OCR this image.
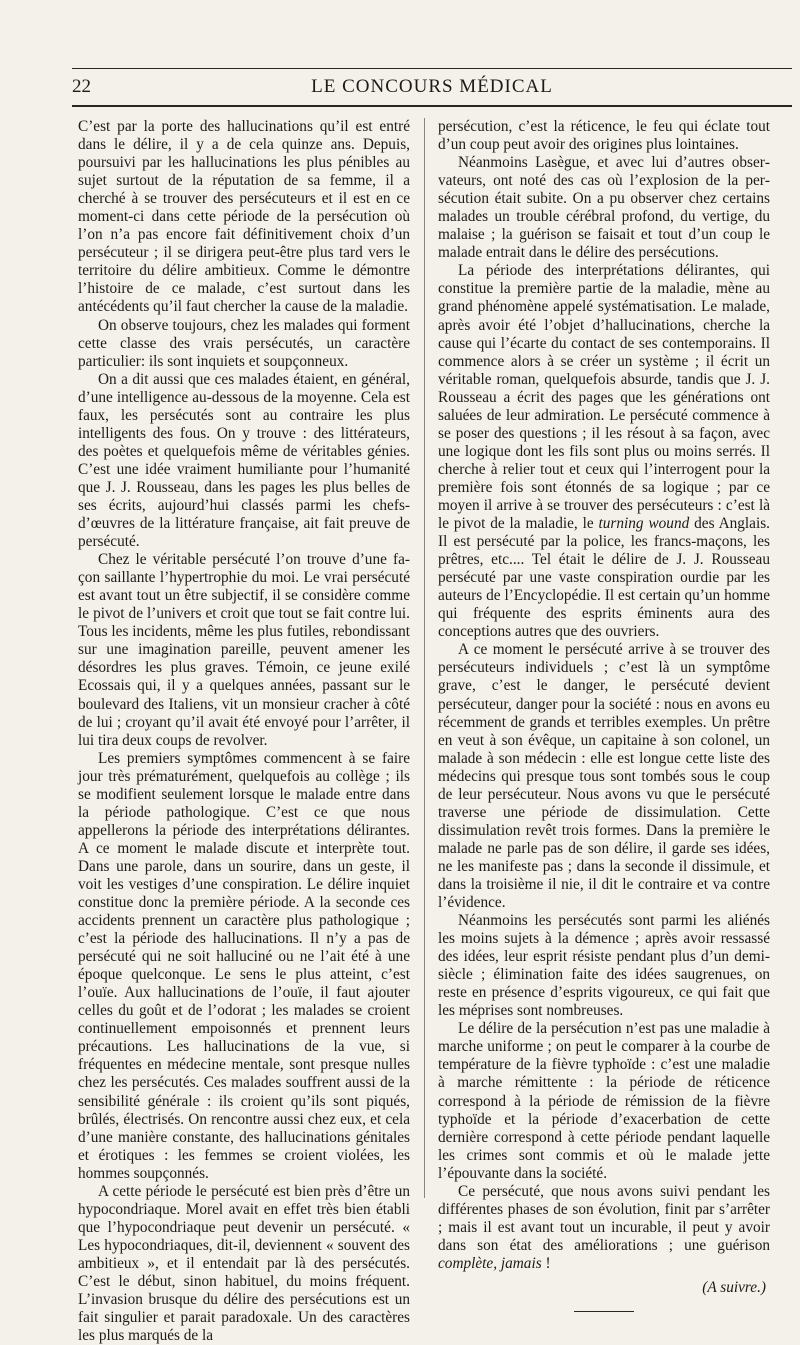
22	LE CONCOURS MÉDICAL

C’est par la porte des hallucinations qu’il est entré dans le délire, il y a de cela quinze ans. Depuis, poursuivi par les hallucinations les plus pénibles au sujet surtout de la réputation de sa femme, il a cherché à se trouver des persécuteurs et il est en ce moment-ci dans cette période de la persécution où l’on n’a pas encore fait définitivement choix d’un persécuteur ; il se dirigera peut-être plus tard vers le territoire du délire ambitieux. Comme le démontre l’histoire de ce malade, c’est surtout dans les antécédents qu’il faut chercher la cause de la maladie.

On observe toujours, chez les malades qui forment cette classe des vrais persécutés, un caractère particulier: ils sont inquiets et soupçonneux.

On a dit aussi que ces malades étaient, en général, d’une intelligence au-dessous de la moyenne. Cela est faux, les persécutés sont au contraire les plus intelligents des fous. On y trouve : des littérateurs, des poètes et quelquefois même de véritables génies. C’est une idée vraiment humiliante pour l’humanité que J. J. Rousseau, dans les pages les plus belles de ses écrits, aujourd’hui classés parmi les chefs-d’œuvres de la littérature française, ait fait preuve de persécuté.

Chez le véritable persécuté l’on trouve d’une façon saillante l’hypertrophie du moi. Le vrai persécuté est avant tout un être subjectif, il se considère comme le pivot de l’univers et croit que tout se fait contre lui. Tous les incidents, même les plus futiles, rebondissant sur une imagination pareille, peuvent amener les désordres les plus graves. Témoin, ce jeune exilé Ecossais qui, il y a quelques années, passant sur le boulevard des Italiens, vit un monsieur cracher à côté de lui ; croyant qu’il avait été envoyé pour l’arrêter, il lui tira deux coups de revolver.

Les premiers symptômes commencent à se faire jour très prématurément, quelquefois au collège ; ils se modifient seulement lorsque le malade entre dans la période pathologique. C’est ce que nous appellerons la période des interprétations délirantes. A ce moment le malade discute et interprète tout. Dans une parole, dans un sourire, dans un geste, il voit les vestiges d’une conspiration. Le délire inquiet constitue donc la première période. A la seconde ces accidents prennent un caractère plus pathologique ; c’est la période des hallucinations. Il n’y a pas de persécuté qui ne soit halluciné ou ne l’ait été à une époque quelconque. Le sens le plus atteint, c’est l’ouïe. Aux hallucinations de l’ouïe, il faut ajouter celles du goût et de l’odorat ; les malades se croient continuellement empoisonnés et prennent leurs précautions. Les hallucinations de la vue, si fréquentes en médecine mentale, sont presque nulles chez les persécutés. Ces malades souffrent aussi de la sensibilité générale : ils croient qu’ils sont piqués, brûlés, électrisés. On rencontre aussi chez eux, et cela d’une manière constante, des hallucinations génitales et érotiques : les femmes se croient violées, les hommes soupçonnés.

A cette période le persécuté est bien près d’être un hypocondriaque. Morel avait en effet très bien établi que l’hypocondriaque peut devenir un persécuté. « Les hypocondriaques, dit-il, deviennent « souvent des ambitieux », et il entendait par là des persécutés. C’est le début, sinon habituel, du moins fréquent. L’invasion brusque du délire des persécutions est un fait singulier et parait paradoxale. Un des caractères les plus marqués de la

persécution, c’est la réticence, le feu qui éclate tout d’un coup peut avoir des origines plus lointaines.

Néanmoins Lasègue, et avec lui d’autres observateurs, ont noté des cas où l’explosion de la persécution était subite. On a pu observer chez certains malades un trouble cérébral profond, du vertige, du malaise ; la guérison se faisait et tout d’un coup le malade entrait dans le délire des persécutions.

La période des interprétations délirantes, qui constitue la première partie de la maladie, mène au grand phénomène appelé systématisation. Le malade, après avoir été l’objet d’hallucinations, cherche la cause qui l’écarte du contact de ses contemporains. Il commence alors à se créer un système ; il écrit un véritable roman, quelquefois absurde, tandis que J. J. Rousseau a écrit des pages que les générations ont saluées de leur admiration. Le persécuté commence à se poser des questions ; il les résout à sa façon, avec une logique dont les fils sont plus ou moins serrés. Il cherche à relier tout et ceux qui l’interrogent pour la première fois sont étonnés de sa logique ; par ce moyen il arrive à se trouver des persécuteurs : c’est là le pivot de la maladie, le turning wound des Anglais. Il est persécuté par la police, les francs-maçons, les prêtres, etc.... Tel était le délire de J. J. Rousseau persécuté par une vaste conspiration ourdie par les auteurs de l’Encyclopédie. Il est certain qu’un homme qui fréquente des esprits éminents aura des conceptions autres que des ouvriers.

A ce moment le persécuté arrive à se trouver des persécuteurs individuels ; c’est là un symptôme grave, c’est le danger, le persécuté devient persécuteur, danger pour la société : nous en avons eu récemment de grands et terribles exemples. Un prêtre en veut à son évêque, un capitaine à son colonel, un malade à son médecin : elle est longue cette liste des médecins qui presque tous sont tombés sous le coup de leur persécuteur. Nous avons vu que le persécuté traverse une période de dissimulation. Cette dissimulation revêt trois formes. Dans la première le malade ne parle pas de son délire, il garde ses idées, ne les manifeste pas ; dans la seconde il dissimule, et dans la troisième il nie, il dit le contraire et va contre l’évidence.

Néanmoins les persécutés sont parmi les aliénés les moins sujets à la démence ; après avoir ressassé des idées, leur esprit résiste pendant plus d’un demi-siècle ; élimination faite des idées saugrenues, on reste en présence d’esprits vigoureux, ce qui fait que les méprises sont nombreuses.

Le délire de la persécution n’est pas une maladie à marche uniforme ; on peut le comparer à la courbe de température de la fièvre typhoïde : c’est une maladie à marche rémittente : la période de réticence correspond à la période de rémission de la fièvre typhoïde et la période d’exacerbation de cette dernière correspond à cette période pendant laquelle les crimes sont commis et où le malade jette l’épouvante dans la société.

Ce persécuté, que nous avons suivi pendant les différentes phases de son évolution, finit par s’arrêter ; mais il est avant tout un incurable, il peut y avoir dans son état des améliorations ; une guérison complète, jamais !

(A suivre.)
